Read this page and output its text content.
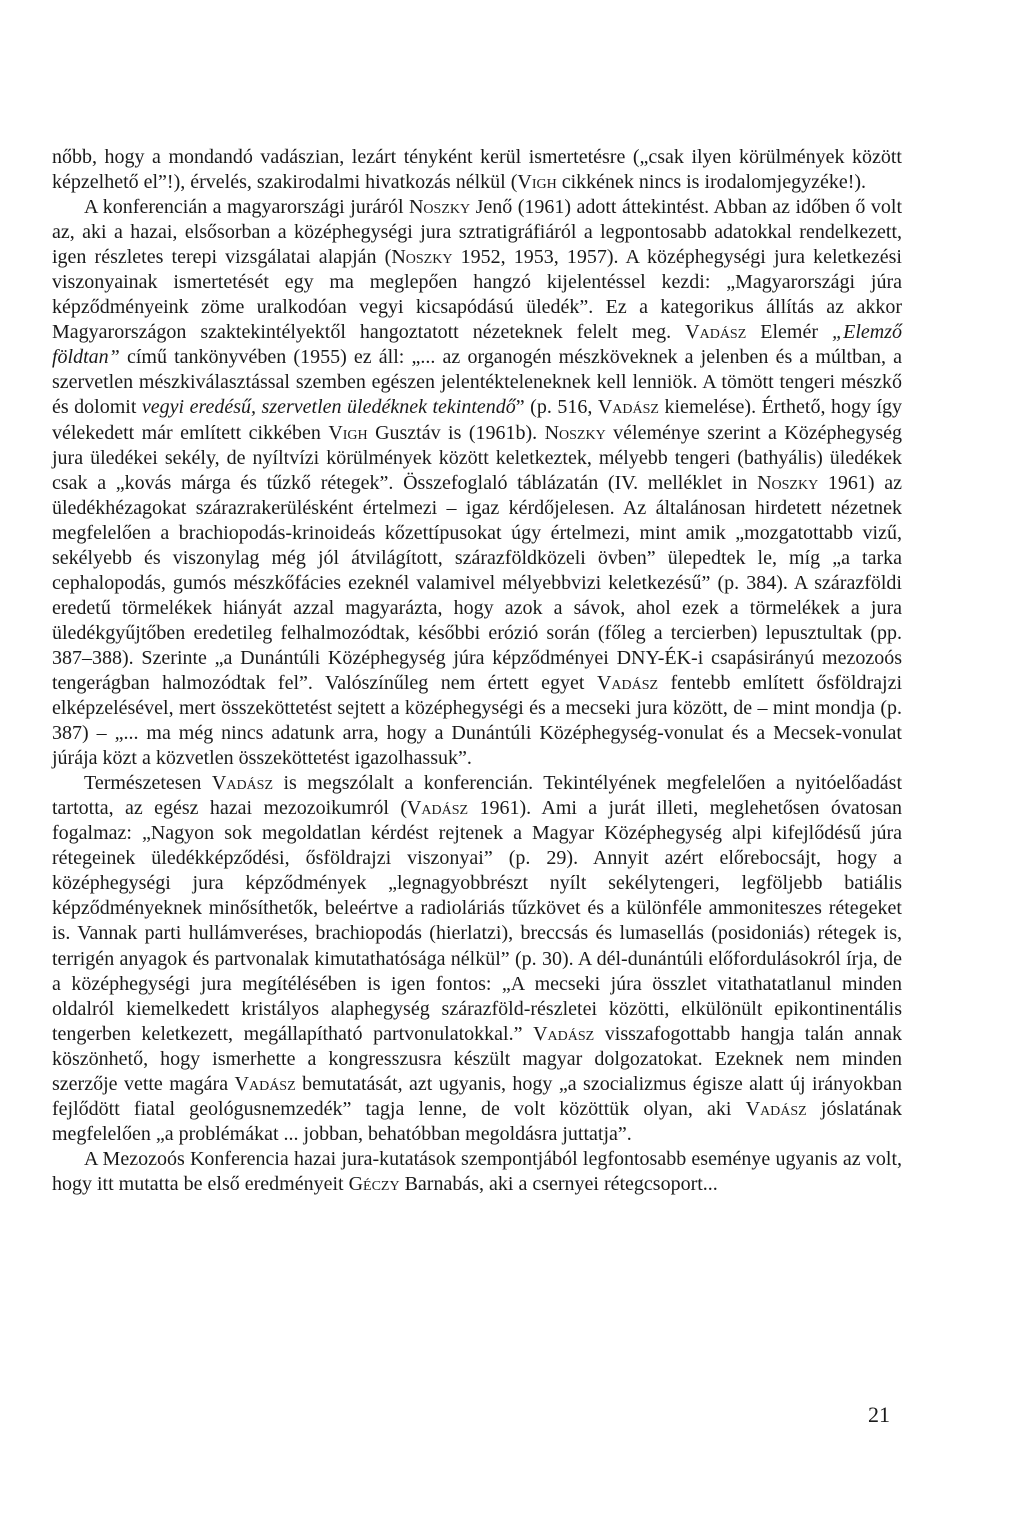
nőbb, hogy a mondandó vadászian, lezárt tényként kerül ismertetésre („csak ilyen körülmények között képzelhető el”!), érvelés, szakirodalmi hivatkozás nélkül (Vigh cikkének nincs is irodalomjegyzéke!).

A konferencián a magyarországi juráról Noszky Jenő (1961) adott áttekintést. Abban az időben ő volt az, aki a hazai, elsősorban a középhegységi jura sztratigráfiáról a legpontosabb adatokkal rendelkezett, igen részletes terepi vizsgálatai alapján (Noszky 1952, 1953, 1957). A középhegységi jura keletkezési viszonyainak ismertetését egy ma meglepően hangzó kijelentéssel kezdi: „Magyarországi júra képződményeink zöme uralkodóan vegyi kicsapódású üledék”. Ez a kategorikus állítás az akkor Magyarországon szaktekintélyektől hangoztatott nézeteknek felelt meg. Vadász Elemér „Elemző földtan” című tankönyvében (1955) ez áll: „... az organogén mészköveknek a jelenben és a múltban, a szervetlen mészkiválasztással szemben egészen jelentékteleneknek kell lenniök. A tömött tengeri mészkő és dolomit vegyi eredésű, szervetlen üledéknek tekintendő” (p. 516, Vadász kiemelése). Érthető, hogy így vélekedett már említett cikkében Vigh Gusztáv is (1961b). Noszky véleménye szerint a Középhegység jura üledékei sekély, de nyíltvízi körülmények között keletkeztek, mélyebb tengeri (bathyális) üledékek csak a „kovás márga és tűzkő rétegek”. Összefoglaló táblázatán (IV. melléklet in Noszky 1961) az üledékhézagokat szárazrakerülésként értelmezi – igaz kérdőjelesen. Az általánosan hirdetett nézetnek megfelelően a brachiopodás-krinoideás kőzettípusokat úgy értelmezi, mint amik „mozgatottabb vizű, sekélyebb és viszonylag még jól átvilágított, szárazföldközeli övben” ülepedtek le, míg „a tarka cephalopodás, gumós mészkőfácies ezeknél valamivel mélyebbvizi keletkezésű” (p. 384). A szárazföldi eredetű törmelékek hiányát azzal magyarázta, hogy azok a sávok, ahol ezek a törmelékek a jura üledékgyűjtőben eredetileg felhalmozódtak, későbbi erózió során (főleg a tercierben) lepusztultak (pp. 387–388). Szerinte „a Dunántúli Középhegység júra képződményei DNY-ÉK-i csapásirányú mezozoós tengerágban halmozódtak fel”. Valószínűleg nem értett egyet Vadász fentebb említett ősföldrajzi elképzelésével, mert összeköttetést sejtett a középhegységi és a mecseki jura között, de – mint mondja (p. 387) – „... ma még nincs adatunk arra, hogy a Dunántúli Középhegység-vonulat és a Mecsek-vonulat júrája közt a közvetlen összeköttetést igazolhassuk”.

Természetesen Vadász is megszólalt a konferencián. Tekintélyének megfelelően a nyitóelőadást tartotta, az egész hazai mezozoikumról (Vadász 1961). Ami a jurát illeti, meglehetősen óvatosan fogalmaz: „Nagyon sok megoldatlan kérdést rejtenek a Magyar Középhegység alpi kifejlődésű júra rétegeinek üledékképződési, ősföldrajzi viszonyai” (p. 29). Annyit azért előrebocsájt, hogy a középhegységi jura képződmények „legnagyobbrészt nyílt sekélytengeri, legföljebb batiális képződményeknek minősíthetők, beleértve a radioláriás tűzkövet és a különféle ammoniteszes rétegeket is. Vannak parti hullámveréses, brachiopodás (hierlatzi), breccsás és lumasellás (posidoniás) rétegek is, terrigén anyagok és partvonalak kimutathatósága nélkül” (p. 30). A dél-dunántúli előfordulásokról írja, de a középhegységi jura megítélésében is igen fontos: „A mecseki júra összlet vitathatatlanul minden oldalról kiemelkedett kristályos alaphegység szárazföld-részletei közötti, elkülönült epikontinentális tengerben keletkezett, megállapítható partvonulatokkal.” Vadász visszafogottabb hangja talán annak köszönhető, hogy ismerhette a kongresszusra készült magyar dolgozatokat. Ezeknek nem minden szerzője vette magára Vadász bemutatását, azt ugyanis, hogy „a szocializmus égisze alatt új irányokban fejlődött fiatal geológusnemzedék” tagja lenne, de volt közöttük olyan, aki Vadász jóslatának megfelelően „a problémákat ... jobban, behatóbban megoldásra juttatja”.

A Mezozoós Konferencia hazai jura-kutatások szempontjából legfontosabb eseménye ugyanis az volt, hogy itt mutatta be első eredményeit Géczy Barnabás, aki a csernyei rétegcsoport...

21
